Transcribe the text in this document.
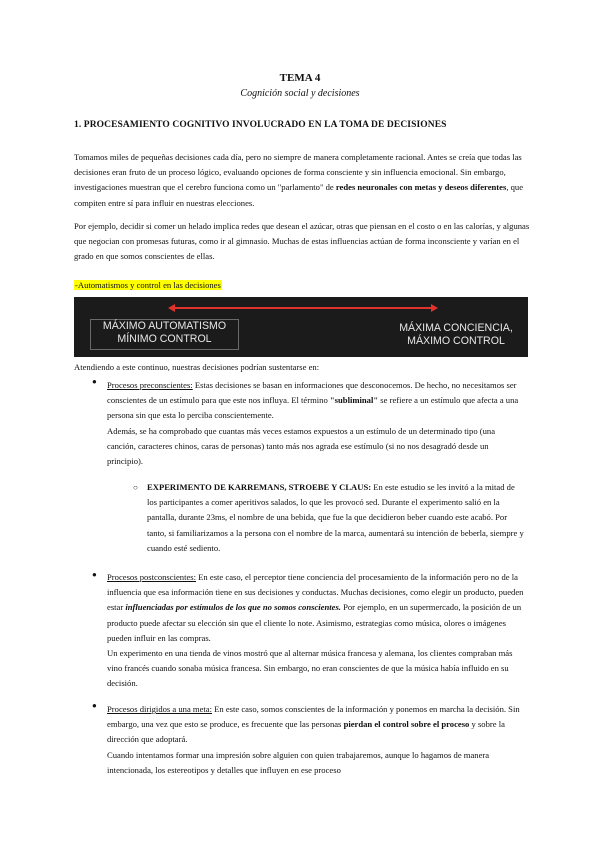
TEMA 4
Cognición social y decisiones
1. PROCESAMIENTO COGNITIVO INVOLUCRADO EN LA TOMA DE DECISIONES
Tomamos miles de pequeñas decisiones cada día, pero no siempre de manera completamente racional. Antes se creía que todas las decisiones eran fruto de un proceso lógico, evaluando opciones de forma consciente y sin influencia emocional. Sin embargo, investigaciones muestran que el cerebro funciona como un "parlamento" de redes neuronales con metas y deseos diferentes, que compiten entre sí para influir en nuestras elecciones.
Por ejemplo, decidir si comer un helado implica redes que desean el azúcar, otras que piensan en el costo o en las calorías, y algunas que negocian con promesas futuras, como ir al gimnasio. Muchas de estas influencias actúan de forma inconsciente y varían en el grado en que somos conscientes de ellas.
-Automatismos y control en las decisiones
MÁXIMO AUTOMATISMO
MÍNIMO CONTROL
MÁXIMA CONCIENCIA,
MÁXIMO CONTROL
Atendiendo a este continuo, nuestras decisiones podrían sustentarse en:
● Procesos preconscientes: Estas decisiones se basan en informaciones que desconocemos. De hecho, no necesitamos ser conscientes de un estímulo para que este nos influya. El término "subliminal" se refiere a un estímulo que afecta a una persona sin que esta lo perciba conscientemente.
Además, se ha comprobado que cuantas más veces estamos expuestos a un estímulo de un determinado tipo (una canción, caracteres chinos, caras de personas) tanto más nos agrada ese estímulo (si no nos desagradó desde un principio).
○ EXPERIMENTO DE KARREMANS, STROEBE Y CLAUS: En este estudio se les invitó a la mitad de los participantes a comer aperitivos salados, lo que les provocó sed. Durante el experimento salió en la pantalla, durante 23ms, el nombre de una bebida, que fue la que decidieron beber cuando este acabó. Por tanto, si familiarizamos a la persona con el nombre de la marca, aumentará su intención de beberla, siempre y cuando esté sediento.
● Procesos postconscientes: En este caso, el perceptor tiene conciencia del procesamiento de la información pero no de la influencia que esa información tiene en sus decisiones y conductas. Muchas decisiones, como elegir un producto, pueden estar influenciadas por estímulos de los que no somos conscientes. Por ejemplo, en un supermercado, la posición de un producto puede afectar su elección sin que el cliente lo note. Asimismo, estrategias como música, olores o imágenes pueden influir en las compras.
Un experimento en una tienda de vinos mostró que al alternar música francesa y alemana, los clientes compraban más vino francés cuando sonaba música francesa. Sin embargo, no eran conscientes de que la música había influido en su decisión.
● Procesos dirigidos a una meta: En este caso, somos conscientes de la información y ponemos en marcha la decisión. Sin embargo, una vez que esto se produce, es frecuente que las personas pierdan el control sobre el proceso y sobre la dirección que adoptará.
Cuando intentamos formar una impresión sobre alguien con quien trabajaremos, aunque lo hagamos de manera intencionada, los estereotipos y detalles que influyen en ese proceso
